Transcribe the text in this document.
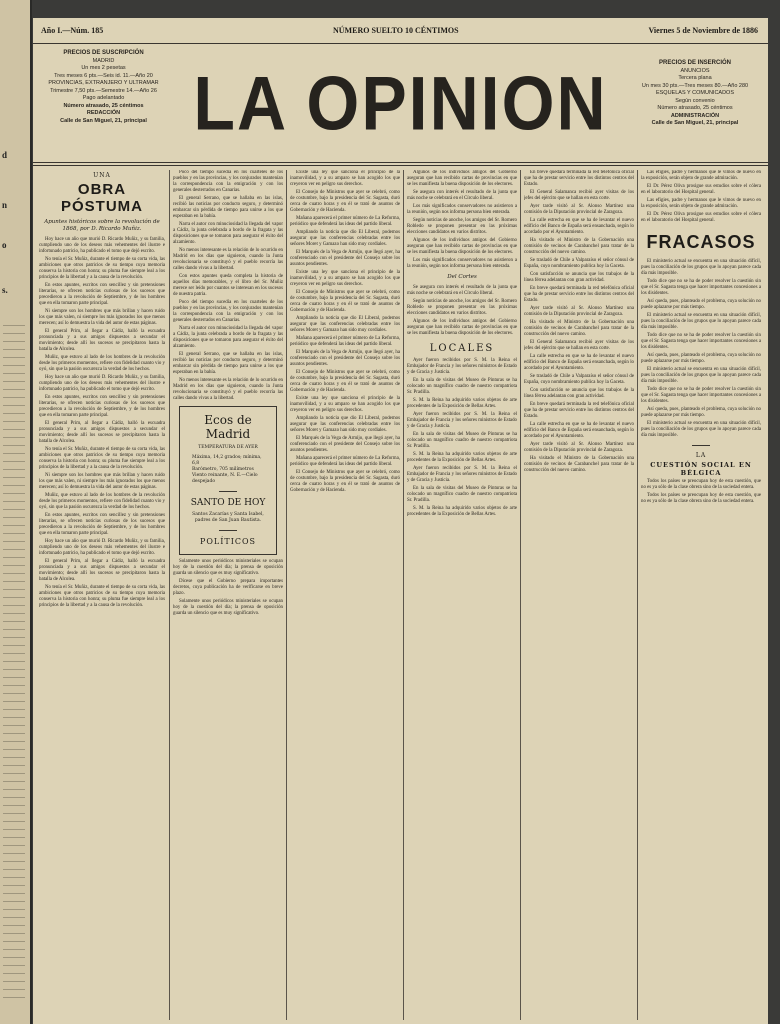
d
n
o
s.
Año I.—Núm. 185	NÚMERO SUELTO 10 CÉNTIMOS	Viernes 5 de Noviembre de 1886
PRECIOS DE SUSCRIPCIÓN
MADRID
Un mes 2 pesetas
Tres meses 6 pts.—Seis id. 11.—Año 20
PROVINCIAS, EXTRANJERO Y ULTRAMAR
Trimestre 7,50 pts.—Semestre 14.—Año 26
Pago adelantado
Número atrasado, 25 céntimos
REDACCIÓN
Calle de San Miguel, 21, principal LA OPINION	PRECIOS DE INSERCIÓN
ANUNCIOS
Tercera plana
Un mes 30 pts.—Tres meses 80.—Año 280
ESQUELAS Y COMUNICADOS
Según convenio
Número atrasado, 25 céntimos
ADMINISTRACIÓN
Calle de San Miguel, 21, principal
UNA
OBRA PÓSTUMA
Apuntes históricos sobre la revolución de 1868, por D. Ricardo Muñiz.

Hoy hace un año que murió D. Ricardo Muñiz, y su familia, cumpliendo uno de los deseos más vehementes del ilustre e infortunado patricio, ha publicado el tomo que dejó escrito.

No tenía el Sr. Muñiz, durante el tiempo de su corta vida, las ambiciones que otros patricios de su tiempo cuya memoria conserva la historia con honra; su pluma fue siempre leal a los principios de la libertad y a la causa de la revolución.

En estos apuntes, escritos con sencillez y sin pretensiones literarias, se ofrecen noticias curiosas de los sucesos que precedieron a la revolución de Septiembre, y de los hombres que en ella tomaron parte principal.

Ni siempre son los hombres que más brillan y hacen ruido los que más valen, ni siempre los más ignorados los que menos merecen; así lo demuestra la vida del autor de estas páginas.

El general Prim, al llegar a Cádiz, halló la escuadra pronunciada y a sus amigos dispuestos a secundar el movimiento; desde allí los sucesos se precipitaron hasta la batalla de Alcolea.

Muñiz, que estuvo al lado de los hombres de la revolución desde los primeros momentos, refiere con fidelidad cuanto vio y oyó, sin que la pasión oscurezca la verdad de los hechos.

Hoy hace un año que murió D. Ricardo Muñiz, y su familia, cumpliendo uno de los deseos más vehementes del ilustre e infortunado patricio, ha publicado el tomo que dejó escrito.

En estos apuntes, escritos con sencillez y sin pretensiones literarias, se ofrecen noticias curiosas de los sucesos que precedieron a la revolución de Septiembre, y de los hombres que en ella tomaron parte principal.

El general Prim, al llegar a Cádiz, halló la escuadra pronunciada y a sus amigos dispuestos a secundar el movimiento; desde allí los sucesos se precipitaron hasta la batalla de Alcolea.

No tenía el Sr. Muñiz, durante el tiempo de su corta vida, las ambiciones que otros patricios de su tiempo cuya memoria conserva la historia con honra; su pluma fue siempre leal a los principios de la libertad y a la causa de la revolución.

Ni siempre son los hombres que más brillan y hacen ruido los que más valen, ni siempre los más ignorados los que menos merecen; así lo demuestra la vida del autor de estas páginas.

Muñiz, que estuvo al lado de los hombres de la revolución desde los primeros momentos, refiere con fidelidad cuanto vio y oyó, sin que la pasión oscurezca la verdad de los hechos.

En estos apuntes, escritos con sencillez y sin pretensiones literarias, se ofrecen noticias curiosas de los sucesos que precedieron a la revolución de Septiembre, y de los hombres que en ella tomaron parte principal.

Hoy hace un año que murió D. Ricardo Muñiz, y su familia, cumpliendo uno de los deseos más vehementes del ilustre e infortunado patricio, ha publicado el tomo que dejó escrito.

El general Prim, al llegar a Cádiz, halló la escuadra pronunciada y a sus amigos dispuestos a secundar el movimiento; desde allí los sucesos se precipitaron hasta la batalla de Alcolea.

No tenía el Sr. Muñiz, durante el tiempo de su corta vida, las ambiciones que otros patricios de su tiempo cuya memoria conserva la historia con honra; su pluma fue siempre leal a los principios de la libertad y a la causa de la revolución.

Poco del tiempo sucedía en los cuarteles de los pueblos y en las provincias, y los conjurados mantenían la correspondencia con la emigración y con los generales desterrados en Canarias.

El general Serrano, que se hallaba en las islas, recibió las noticias por conducto seguro, y determinó embarcar sin pérdida de tiempo para unirse a los que esperaban en la bahía.

Narra el autor con minuciosidad la llegada del vapor a Cádiz, la junta celebrada a bordo de la fragata y las disposiciones que se tomaron para asegurar el éxito del alzamiento.

No menos interesante es la relación de lo ocurrido en Madrid en los días que siguieron, cuando la Junta revolucionaria se constituyó y el pueblo recorría las calles dando vivas a la libertad.

Con estos apuntes queda completa la historia de aquellos días memorables, y el libro del Sr. Muñiz merece ser leído por cuantos se interesan en los sucesos de nuestra patria.

Poco del tiempo sucedía en los cuarteles de los pueblos y en las provincias, y los conjurados mantenían la correspondencia con la emigración y con los generales desterrados en Canarias.

Narra el autor con minuciosidad la llegada del vapor a Cádiz, la junta celebrada a bordo de la fragata y las disposiciones que se tomaron para asegurar el éxito del alzamiento.

El general Serrano, que se hallaba en las islas, recibió las noticias por conducto seguro, y determinó embarcar sin pérdida de tiempo para unirse a los que esperaban en la bahía.

No menos interesante es la relación de lo ocurrido en Madrid en los días que siguieron, cuando la Junta revolucionaria se constituyó y el pueblo recorría las calles dando vivas a la libertad.

Ecos de Madrid
TEMPERATURA DE AYER
Máxima, 14,2 grados; mínima, 6,8
Barómetro, 705 milímetros
Viento reinante, N. E.—Cielo despejado
SANTO DE HOY
Santos Zacarías y Santa Isabel, padres de San Juan Bautista.
POLÍTICOS

Solamente unos periódicos ministeriales se ocupan hoy de la cuestión del día; la prensa de oposición guarda un silencio que es muy significativo.

Dícese que el Gobierno prepara importantes decretos, cuya publicación ha de verificarse en breve plazo.

Solamente unos periódicos ministeriales se ocupan hoy de la cuestión del día; la prensa de oposición guarda un silencio que es muy significativo.

Existe una ley que sanciona el principio de la inamovilidad, y a su amparo se han acogido los que creyeron ver en peligro sus derechos.

El Consejo de Ministros que ayer se celebró, como de costumbre, bajo la presidencia del Sr. Sagasta, duró cerca de cuatro horas y en él se trató de asuntos de Gobernación y de Hacienda.

Mañana aparecerá el primer número de La Reforma, periódico que defenderá las ideas del partido liberal.

Ampliando la noticia que dio El Liberal, podemos asegurar que las conferencias celebradas entre los señores Moret y Gamazo han sido muy cordiales.

El Marqués de la Vega de Armijo, que llegó ayer, ha conferenciado con el presidente del Consejo sobre los asuntos pendientes.

Existe una ley que sanciona el principio de la inamovilidad, y a su amparo se han acogido los que creyeron ver en peligro sus derechos.

El Consejo de Ministros que ayer se celebró, como de costumbre, bajo la presidencia del Sr. Sagasta, duró cerca de cuatro horas y en él se trató de asuntos de Gobernación y de Hacienda.

Ampliando la noticia que dio El Liberal, podemos asegurar que las conferencias celebradas entre los señores Moret y Gamazo han sido muy cordiales.

Mañana aparecerá el primer número de La Reforma, periódico que defenderá las ideas del partido liberal.

El Marqués de la Vega de Armijo, que llegó ayer, ha conferenciado con el presidente del Consejo sobre los asuntos pendientes.

El Consejo de Ministros que ayer se celebró, como de costumbre, bajo la presidencia del Sr. Sagasta, duró cerca de cuatro horas y en él se trató de asuntos de Gobernación y de Hacienda.

Existe una ley que sanciona el principio de la inamovilidad, y a su amparo se han acogido los que creyeron ver en peligro sus derechos.

Ampliando la noticia que dio El Liberal, podemos asegurar que las conferencias celebradas entre los señores Moret y Gamazo han sido muy cordiales.

El Marqués de la Vega de Armijo, que llegó ayer, ha conferenciado con el presidente del Consejo sobre los asuntos pendientes.

Mañana aparecerá el primer número de La Reforma, periódico que defenderá las ideas del partido liberal.

El Consejo de Ministros que ayer se celebró, como de costumbre, bajo la presidencia del Sr. Sagasta, duró cerca de cuatro horas y en él se trató de asuntos de Gobernación y de Hacienda.

Algunos de los individuos amigos del Gobierno aseguran que han recibido cartas de provincias en que se les manifiesta la buena disposición de los electores.

Se asegura con interés el resultado de la junta que más noche se celebrará en el Círculo liberal.

Los más significados conservadores no asistieron a la reunión, según nos informa persona bien enterada.

Según noticias de anoche, los amigos del Sr. Romero Robledo se proponen presentar en las próximas elecciones candidatos en varios distritos.

Algunos de los individuos amigos del Gobierno aseguran que han recibido cartas de provincias en que se les manifiesta la buena disposición de los electores.

Los más significados conservadores no asistieron a la reunión, según nos informa persona bien enterada.

Del Cortes

Se asegura con interés el resultado de la junta que más noche se celebrará en el Círculo liberal.

Según noticias de anoche, los amigos del Sr. Romero Robledo se proponen presentar en las próximas elecciones candidatos en varios distritos.

Algunos de los individuos amigos del Gobierno aseguran que han recibido cartas de provincias en que se les manifiesta la buena disposición de los electores.

LOCALES

Ayer fueron recibidos por S. M. la Reina el Embajador de Francia y los señores ministros de Estado y de Gracia y Justicia.

En la sala de visitas del Museo de Pinturas se ha colocado un magnífico cuadro de nuestro compatriota Sr. Pradilla.

S. M. la Reina ha adquirido varios objetos de arte procedentes de la Exposición de Bellas Artes.

Ayer fueron recibidos por S. M. la Reina el Embajador de Francia y los señores ministros de Estado y de Gracia y Justicia.

En la sala de visitas del Museo de Pinturas se ha colocado un magnífico cuadro de nuestro compatriota Sr. Pradilla.

S. M. la Reina ha adquirido varios objetos de arte procedentes de la Exposición de Bellas Artes.

Ayer fueron recibidos por S. M. la Reina el Embajador de Francia y los señores ministros de Estado y de Gracia y Justicia.

En la sala de visitas del Museo de Pinturas se ha colocado un magnífico cuadro de nuestro compatriota Sr. Pradilla.

S. M. la Reina ha adquirido varios objetos de arte procedentes de la Exposición de Bellas Artes.

En breve quedará terminada la red telefónica oficial que ha de prestar servicio entre los distintos centros del Estado.

El General Salamanca recibió ayer visitas de los jefes del ejército que se hallan en esta corte.

Ayer tarde visitó al Sr. Alonso Martínez una comisión de la Diputación provincial de Zaragoza.

La calle estrecha en que se ha de levantar el nuevo edificio del Banco de España será ensanchada, según lo acordado por el Ayuntamiento.

Ha visitado el Ministro de la Gobernación una comisión de vecinos de Carabanchel para tratar de la construcción del nuevo camino.

Se trasladó de Chile a Valparaíso el señor cónsul de España, cuyo nombramiento publica hoy la Gaceta.

Con satisfacción se anuncia que los trabajos de la línea férrea adelantan con gran actividad.

En breve quedará terminada la red telefónica oficial que ha de prestar servicio entre los distintos centros del Estado.

Ayer tarde visitó al Sr. Alonso Martínez una comisión de la Diputación provincial de Zaragoza.

Ha visitado el Ministro de la Gobernación una comisión de vecinos de Carabanchel para tratar de la construcción del nuevo camino.

El General Salamanca recibió ayer visitas de los jefes del ejército que se hallan en esta corte.

La calle estrecha en que se ha de levantar el nuevo edificio del Banco de España será ensanchada, según lo acordado por el Ayuntamiento.

Se trasladó de Chile a Valparaíso el señor cónsul de España, cuyo nombramiento publica hoy la Gaceta.

Con satisfacción se anuncia que los trabajos de la línea férrea adelantan con gran actividad.

En breve quedará terminada la red telefónica oficial que ha de prestar servicio entre los distintos centros del Estado.

La calle estrecha en que se ha de levantar el nuevo edificio del Banco de España será ensanchada, según lo acordado por el Ayuntamiento.

Ayer tarde visitó al Sr. Alonso Martínez una comisión de la Diputación provincial de Zaragoza.

Ha visitado el Ministro de la Gobernación una comisión de vecinos de Carabanchel para tratar de la construcción del nuevo camino.

Las efigies, padre y hermanos que le vimos de nuevo en la exposición, serán objeto de grande admiración.

El Dr. Pérez Oliva prosigue sus estudios sobre el cólera en el laboratorio del Hospital general.

Las efigies, padre y hermanos que le vimos de nuevo en la exposición, serán objeto de grande admiración.

El Dr. Pérez Oliva prosigue sus estudios sobre el cólera en el laboratorio del Hospital general.

FRACASOS

El ministerio actual se encuentra en una situación difícil, pues la conciliación de los grupos que lo apoyan parece cada día más imposible.

Todo dice que no se ha de poder resolver la cuestión sin que el Sr. Sagasta tenga que hacer importantes concesiones a los disidentes.

Así queda, pues, planteado el problema, cuya solución no puede aplazarse por más tiempo.

El ministerio actual se encuentra en una situación difícil, pues la conciliación de los grupos que lo apoyan parece cada día más imposible.

Todo dice que no se ha de poder resolver la cuestión sin que el Sr. Sagasta tenga que hacer importantes concesiones a los disidentes.

Así queda, pues, planteado el problema, cuya solución no puede aplazarse por más tiempo.

El ministerio actual se encuentra en una situación difícil, pues la conciliación de los grupos que lo apoyan parece cada día más imposible.

Todo dice que no se ha de poder resolver la cuestión sin que el Sr. Sagasta tenga que hacer importantes concesiones a los disidentes.

Así queda, pues, planteado el problema, cuya solución no puede aplazarse por más tiempo.

El ministerio actual se encuentra en una situación difícil, pues la conciliación de los grupos que lo apoyan parece cada día más imposible.

LA
CUESTIÓN SOCIAL EN BÉLGICA

Todos los países se preocupan hoy de esta cuestión, que no es ya sólo de la clase obrera sino de la sociedad entera.

Todos los países se preocupan hoy de esta cuestión, que no es ya sólo de la clase obrera sino de la sociedad entera.
